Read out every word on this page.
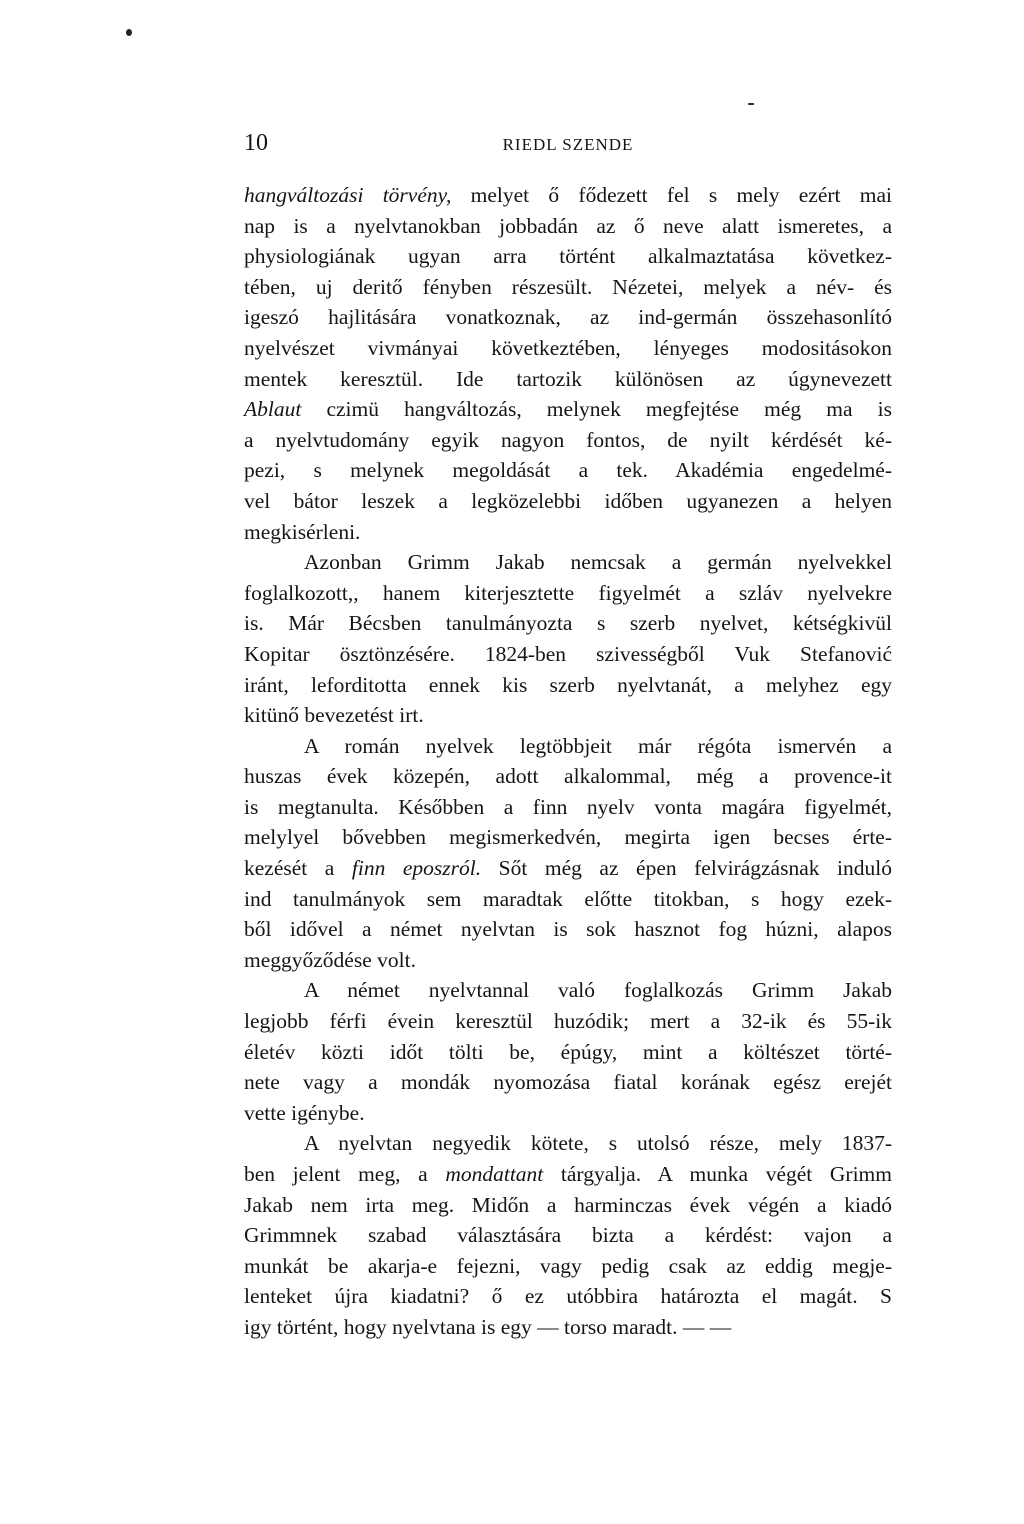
10	RIEDL SZENDE
hangváltozási törvény, melyet ő fődezett fel s mely ezért mai
nap is a nyelvtanokban jobbadán az ő neve alatt ismeretes, a
physiologiának ugyan arra történt alkalmaztatása következ-
tében, uj deritő fényben részesült. Nézetei, melyek a név- és
igeszó hajlitására vonatkoznak, az ind-germán összehasonlító
nyelvészet vivmányai következtében, lényeges modositásokon
mentek keresztül. Ide tartozik különösen az úgynevezett
Ablaut czimü hangváltozás, melynek megfejtése még ma is
a nyelvtudomány egyik nagyon fontos, de nyilt kérdését ké-
pezi, s melynek megoldását a tek. Akadémia engedelmé-
vel bátor leszek a legközelebbi időben ugyanezen a helyen
megkisérleni.
Azonban Grimm Jakab nemcsak a germán nyelvekkel
foglalkozott,, hanem kiterjesztette figyelmét a szláv nyelvekre
is. Már Bécsben tanulmányozta s szerb nyelvet, kétségkivül
Kopitar ösztönzésére. 1824-ben szivességből Vuk Stefanović
iránt, leforditotta ennek kis szerb nyelvtanát, a melyhez egy
kitünő bevezetést irt.
A román nyelvek legtöbbjeit már régóta ismervén a
huszas évek közepén, adott alkalommal, még a provence-it
is megtanulta. Későbben a finn nyelv vonta magára figyelmét,
melylyel bővebben megismerkedvén, megirta igen becses érte-
kezését a finn eposzról. Sőt még az épen felvirágzásnak induló
ind tanulmányok sem maradtak előtte titokban, s hogy ezek-
ből idővel a német nyelvtan is sok hasznot fog húzni, alapos
meggyőződése volt.
A német nyelvtannal való foglalkozás Grimm Jakab
legjobb férfi évein keresztül huzódik; mert a 32-ik és 55-ik
életév közti időt tölti be, épúgy, mint a költészet törté-
nete vagy a mondák nyomozása fiatal korának egész erejét
vette igénybe.
A nyelvtan negyedik kötete, s utolsó része, mely 1837-
ben jelent meg, a mondattant tárgyalja. A munka végét Grimm
Jakab nem irta meg. Midőn a harminczas évek végén a kiadó
Grimmnek szabad választására bizta a kérdést: vajon a
munkát be akarja-e fejezni, vagy pedig csak az eddig megje-
lenteket újra kiadatni? ő ez utóbbira határozta el magát. S
igy történt, hogy nyelvtana is egy — torso maradt. — —
